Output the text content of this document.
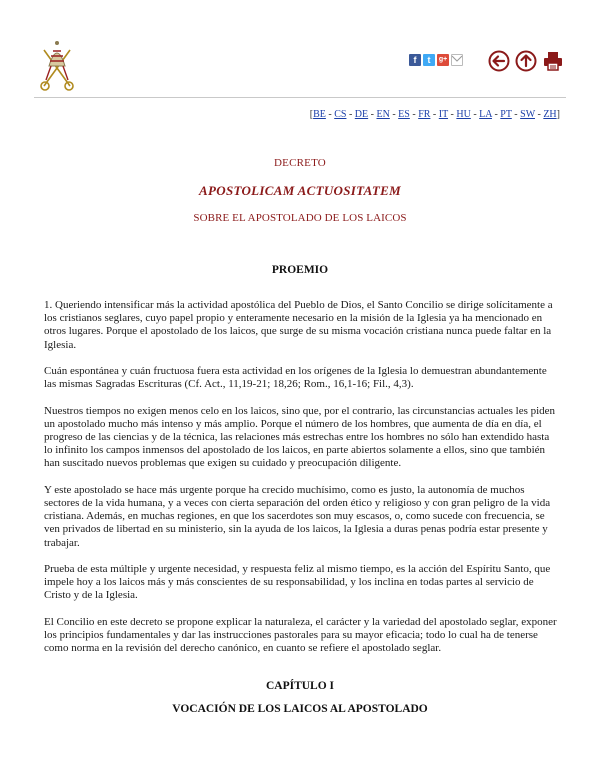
f	t	g+
[BE - CS - DE - EN - ES - FR - IT - HU - LA - PT - SW - ZH]
DECRETO
APOSTOLICAM ACTUOSITATEM
SOBRE EL APOSTOLADO DE LOS LAICOS
PROEMIO

1. Queriendo intensificar más la actividad apostólica del Pueblo de Dios, el Santo Concilio se dirige solícitamente a los cristianos seglares, cuyo papel propio y enteramente necesario en la misión de la Iglesia ya ha mencionado en otros lugares. Porque el apostolado de los laicos, que surge de su misma vocación cristiana nunca puede faltar en la Iglesia.

Cuán espontánea y cuán fructuosa fuera esta actividad en los orígenes de la Iglesia lo demuestran abundantemente las mismas Sagradas Escrituras (Cf. Act., 11,19-21; 18,26; Rom., 16,1-16; Fil., 4,3).

Nuestros tiempos no exigen menos celo en los laicos, sino que, por el contrario, las circunstancias actuales les piden un apostolado mucho más intenso y más amplio. Porque el número de los hombres, que aumenta de día en día, el progreso de las ciencias y de la técnica, las relaciones más estrechas entre los hombres no sólo han extendido hasta lo infinito los campos inmensos del apostolado de los laicos, en parte abiertos solamente a ellos, sino que también han suscitado nuevos problemas que exigen su cuidado y preocupación diligente.

Y este apostolado se hace más urgente porque ha crecido muchísimo, como es justo, la autonomía de muchos sectores de la vida humana, y a veces con cierta separación del orden ético y religioso y con gran peligro de la vida cristiana. Además, en muchas regiones, en que los sacerdotes son muy escasos, o, como sucede con frecuencia, se ven privados de libertad en su ministerio, sin la ayuda de los laicos, la Iglesia a duras penas podría estar presente y trabajar.

Prueba de esta múltiple y urgente necesidad, y respuesta feliz al mismo tiempo, es la acción del Espíritu Santo, que impele hoy a los laicos más y más conscientes de su responsabilidad, y los inclina en todas partes al servicio de Cristo y de la Iglesia.

El Concilio en este decreto se propone explicar la naturaleza, el carácter y la variedad del apostolado seglar, exponer los principios fundamentales y dar las instrucciones pastorales para su mayor eficacia; todo lo cual ha de tenerse como norma en la revisión del derecho canónico, en cuanto se refiere el apostolado seglar.

CAPÍTULO I
VOCACIÓN DE LOS LAICOS AL APOSTOLADO
